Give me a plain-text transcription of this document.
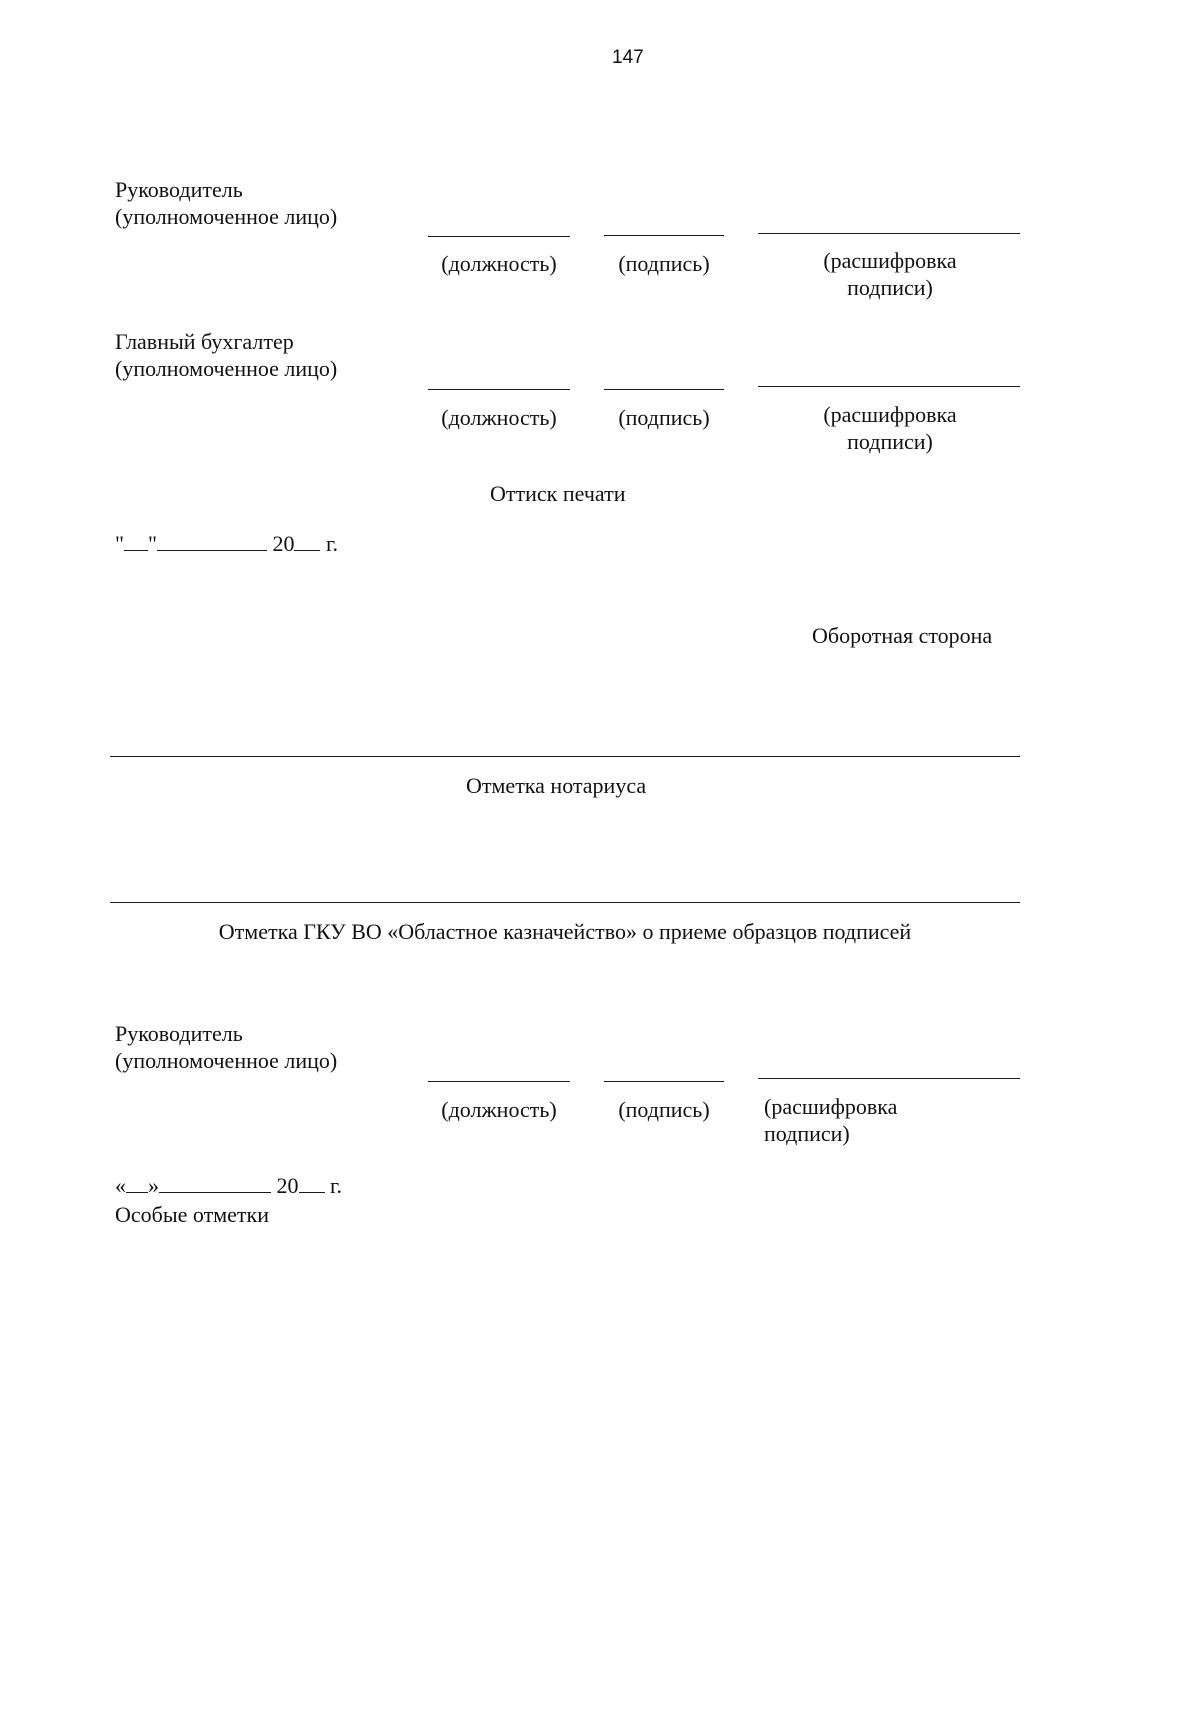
147
Руководитель
(уполномоченное лицо)
(должность)	(подпись)	(расшифровка
подписи)
Главный бухгалтер
(уполномоченное лицо)
(должность)	(подпись)	(расшифровка
подписи)
Оттиск печати
" "	20 г.
Оборотная сторона
Отметка нотариуса
Отметка ГКУ ВО «Областное казначейство» о приеме образцов подписей
Руководитель
(уполномоченное лицо)
(должность)	(подпись)	(расшифровка
подписи)
« »	20 г.
Особые отметки
